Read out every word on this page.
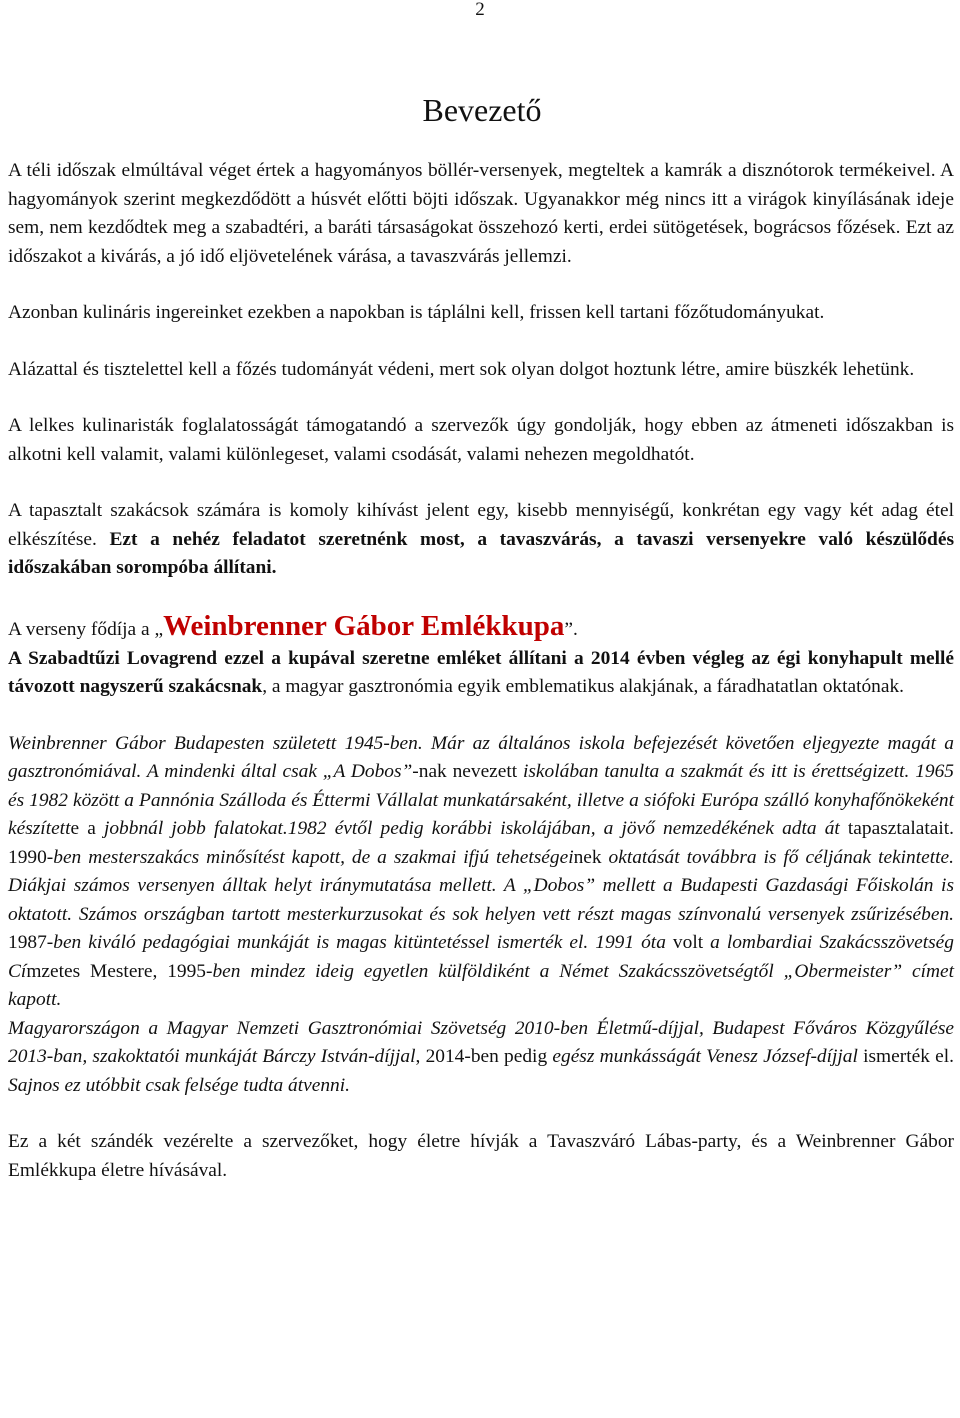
2
Bevezető

A téli időszak elmúltával véget értek a hagyományos böllér-versenyek, megteltek a kamrák a disznótorok termékeivel. A hagyományok szerint megkezdődött a húsvét előtti böjti időszak. Ugyanakkor még nincs itt a virágok kinyílásának ideje sem, nem kezdődtek meg a szabadtéri, a baráti társaságokat összehozó kerti, erdei sütögetések, bográcsos főzések. Ezt az időszakot a kivárás, a jó idő eljövetelének várása, a tavaszvárás jellemzi.

Azonban kulináris ingereinket ezekben a napokban is táplálni kell, frissen kell tartani főzőtudományukat.

Alázattal és tisztelettel kell a főzés tudományát védeni, mert sok olyan dolgot hoztunk létre, amire büszkék lehetünk.

A lelkes kulinaristák foglalatosságát támogatandó a szervezők úgy gondolják, hogy ebben az átmeneti időszakban is alkotni kell valamit, valami különlegeset, valami csodását, valami nehezen megoldhatót.

A tapasztalt szakácsok számára is komoly kihívást jelent egy, kisebb mennyiségű, konkrétan egy vagy két adag étel elkészítése. Ezt a nehéz feladatot szeretnénk most, a tavaszvárás, a tavaszi versenyekre való készülődés időszakában sorompóba állítani.

A verseny fődíja a „Weinbrenner Gábor Emlékkupa”.

A Szabadtűzi Lovagrend ezzel a kupával szeretne emléket állítani a 2014 évben végleg az égi konyhapult mellé távozott nagyszerű szakácsnak, a magyar gasztronómia egyik emblematikus alakjának, a fáradhatatlan oktatónak.

Weinbrenner Gábor Budapesten született 1945-ben. Már az általános iskola befejezését követően eljegyezte magát a gasztronómiával. A mindenki által csak „A Dobos”-nak nevezett iskolában tanulta a szakmát és itt is érettségizett. 1965 és 1982 között a Pannónia Szálloda és Éttermi Vállalat munkatársaként, illetve a siófoki Európa szálló konyhafőnökeként készítette a jobbnál jobb falatokat.1982 évtől pedig korábbi iskolájában, a jövő nemzedékének adta át tapasztalatait. 1990-ben mesterszakács minősítést kapott, de a szakmai ifjú tehetségeinek oktatását továbbra is fő céljának tekintette. Diákjai számos versenyen álltak helyt iránymutatása mellett. A „Dobos” mellett a Budapesti Gazdasági Főiskolán is oktatott. Számos országban tartott mesterkurzusokat és sok helyen vett részt magas színvonalú versenyek zsűrizésében. 1987-ben kiváló pedagógiai munkáját is magas kitüntetéssel ismerték el. 1991 óta volt a lombardiai Szakácsszövetség Címzetes Mestere, 1995-ben mindez ideig egyetlen külföldiként a Német Szakácsszövetségtől „Obermeister” címet kapott.

Magyarországon a Magyar Nemzeti Gasztronómiai Szövetség 2010-ben Életmű-díjjal, Budapest Főváros Közgyűlése 2013-ban, szakoktatói munkáját Bárczy István-díjjal, 2014-ben pedig egész munkásságát Venesz József-díjjal ismerték el. Sajnos ez utóbbit csak felsége tudta átvenni.

Ez a két szándék vezérelte a szervezőket, hogy életre hívják a Tavaszváró Lábas-party, és a Weinbrenner Gábor Emlékkupa életre hívásával.
